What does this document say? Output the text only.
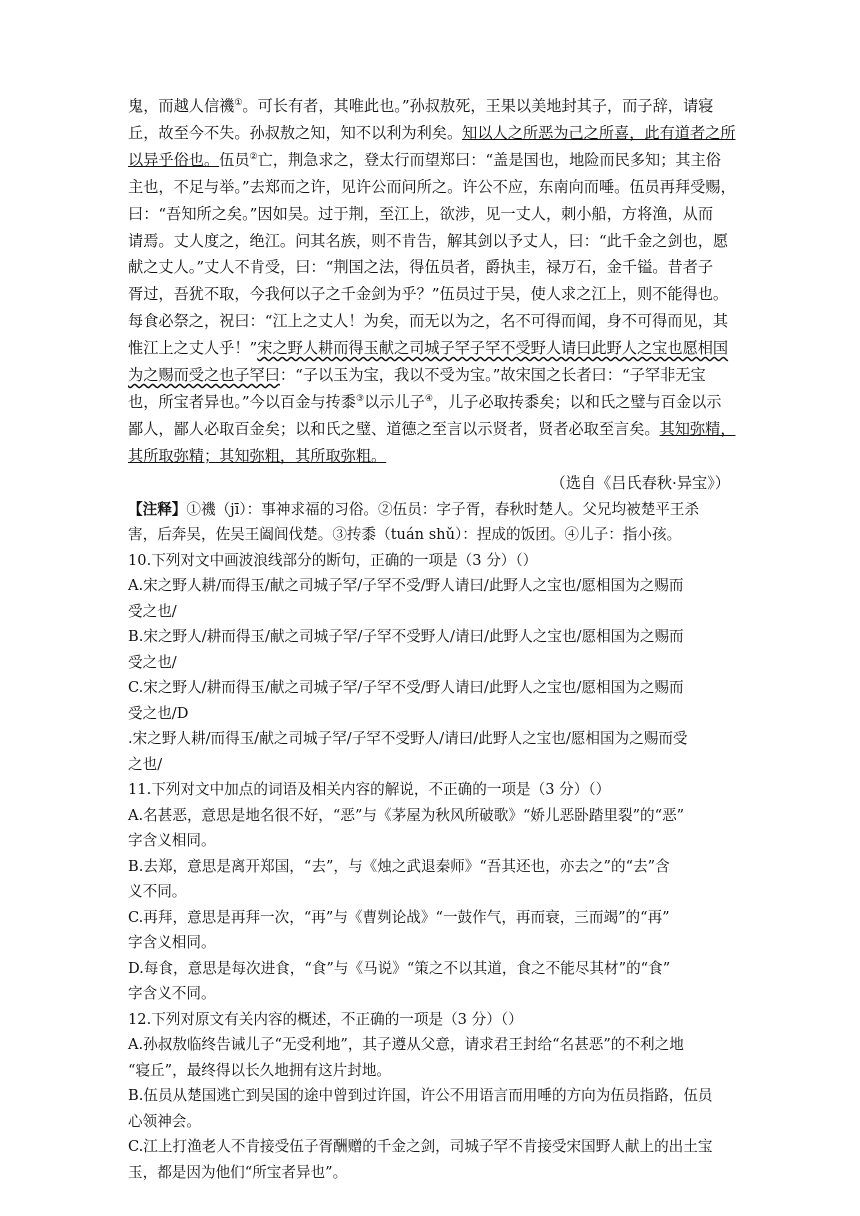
鬼，而越人信禨①。可长有者，其唯此也。”孙叔敖死，王果以美地封其子，而子辞，请寝

丘，故至今不失。孙叔敖之知，知不以利为利矣。知以人之所恶为己之所喜，此有道者之所

以异乎俗也。伍员②亡，荆急求之，登太行而望郑曰：“盖是国也，地险而民多知；其主俗

主也，不足与举。”去郑而之许，见许公而问所之。许公不应，东南向而唾。伍员再拜受赐，

曰：“吾知所之矣。”因如吴。过于荆，至江上，欲涉，见一丈人，刺小船，方将渔，从而

请焉。丈人度之，绝江。问其名族，则不肯告，解其剑以予丈人，曰：“此千金之剑也，愿

献之丈人。”丈人不肯受，曰：“荆国之法，得伍员者，爵执圭，禄万石，金千镒。昔者子

胥过，吾犹不取，今我何以子之千金剑为乎？”伍员过于吴，使人求之江上，则不能得也。

每食必祭之，祝曰：“江上之丈人！为矣，而无以为之，名不可得而闻，身不可得而见，其

惟江上之丈人乎！”宋之野人耕而得玉献之司城子罕子罕不受野人请曰此野人之宝也愿相国

为之赐而受之也子罕曰：“子以玉为宝，我以不受为宝。”故宋国之长者曰：“子罕非无宝

也，所宝者异也。”今以百金与抟黍③以示儿子④，儿子必取抟黍矣；以和氏之璧与百金以示

鄙人，鄙人必取百金矣；以和氏之璧、道德之至言以示贤者，贤者必取至言矣。其知弥精，

其所取弥精；其知弥粗，其所取弥粗。

（选自《吕氏春秋·异宝》）

【注释】①禨（jī）：事神求福的习俗。②伍员：字子胥，春秋时楚人。父兄均被楚平王杀

害，后奔吴，佐吴王阖闾伐楚。③抟黍（tuán shǔ）：捏成的饭团。④儿子：指小孩。

10.下列对文中画波浪线部分的断句，正确的一项是（3 分）（）

A.宋之野人耕/而得玉/献之司城子罕/子罕不受/野人请曰/此野人之宝也/愿相国为之赐而

受之也/

B.宋之野人/耕而得玉/献之司城子罕/子罕不受野人/请曰/此野人之宝也/愿相国为之赐而

受之也/

C.宋之野人/耕而得玉/献之司城子罕/子罕不受/野人请曰/此野人之宝也/愿相国为之赐而

受之也/D

.宋之野人耕/而得玉/献之司城子罕/子罕不受野人/请曰/此野人之宝也/愿相国为之赐而受

之也/

11.下列对文中加点的词语及相关内容的解说，不正确的一项是（3 分）（）

A.名甚恶，意思是地名很不好，“恶”与《茅屋为秋风所破歌》“娇儿恶卧踏里裂”的“恶”

字含义相同。

B.去郑，意思是离开郑国，“去”，与《烛之武退秦师》“吾其还也，亦去之”的“去”含

义不同。

C.再拜，意思是再拜一次，“再”与《曹刿论战》“一鼓作气，再而衰，三而竭”的“再”

字含义相同。

D.每食，意思是每次进食，“食”与《马说》“策之不以其道，食之不能尽其材”的“食”

字含义不同。

12.下列对原文有关内容的概述，不正确的一项是（3 分）（）

A.孙叔敖临终告诫儿子“无受利地”，其子遵从父意，请求君王封给“名甚恶”的不利之地

“寝丘”，最终得以长久地拥有这片封地。

B.伍员从楚国逃亡到吴国的途中曾到过许国，许公不用语言而用唾的方向为伍员指路，伍员

心领神会。

C.江上打渔老人不肯接受伍子胥酬赠的千金之剑，司城子罕不肯接受宋国野人献上的出土宝

玉，都是因为他们“所宝者异也”。
